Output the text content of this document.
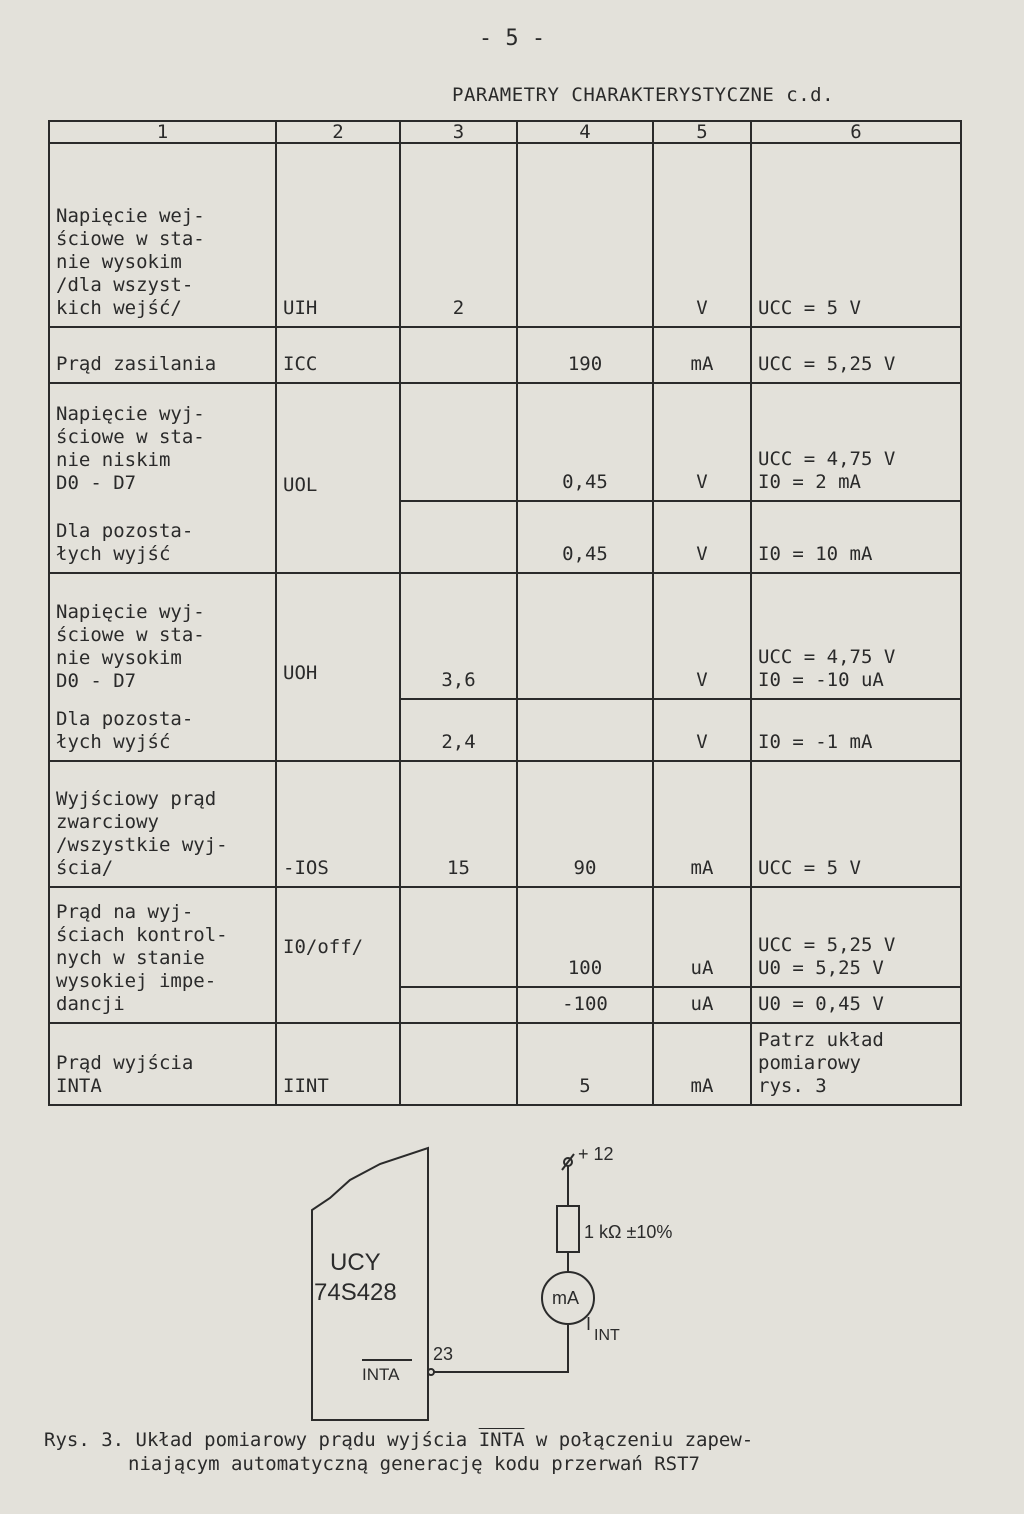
- 5 -
PARAMETRY CHARAKTERYSTYCZNE c.d.
1	2	3	4	5	6
Napięcie wej-
ściowe w sta-
nie wysokim
/dla wszyst-
kich wejść/	UIH	2		V	UCC = 5 V
Prąd zasilania	ICC		190	mA	UCC = 5,25 V
Napięcie wyj-
ściowe w sta-
nie niskim
D0 - D7	UOL		0,45	V	UCC = 4,75 V
I0 = 2 mA
Dla pozosta-
łych wyjść			0,45	V	I0 = 10 mA
Napięcie wyj-
ściowe w sta-
nie wysokim
D0 - D7	UOH	3,6		V	UCC = 4,75 V
I0 = -10 uA
Dla pozosta-
łych wyjść		2,4		V	I0 = -1 mA
Wyjściowy prąd
zwarciowy
/wszystkie wyj-
ścia/	-IOS	15	90	mA	UCC = 5 V
Prąd na wyj-
ściach kontrol-
nych w stanie
wysokiej impe-
dancji	I0/off/		100	uA	UCC = 5,25 V
U0 = 5,25 V
			-100	uA	U0 = 0,45 V
Prąd wyjścia
INTA	IINT		5	mA	Patrz układ
pomiarowy
rys. 3
UCY
74S428
INTA
23
+ 12
1 kΩ ±10%
mA
I
INT
Rys. 3. Układ pomiarowy prądu wyjścia INTA w połączeniu zapew-
niającym automatyczną generację kodu przerwań RST7
